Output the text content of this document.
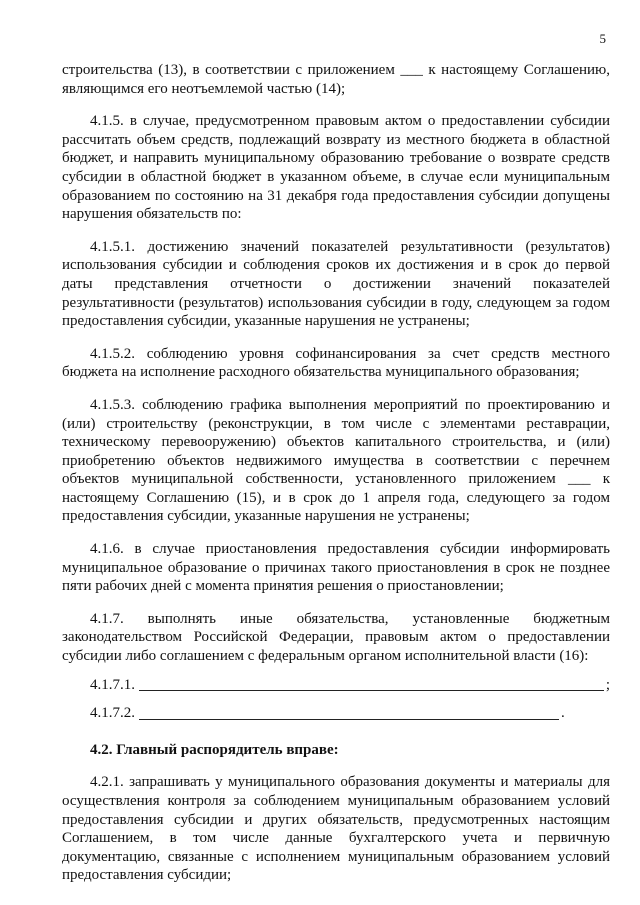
5

строительства (13), в соответствии с приложением ___ к настоящему Соглашению, являющимся его неотъемлемой частью (14);

4.1.5. в случае, предусмотренном правовым актом о предоставлении субсидии рассчитать объем средств, подлежащий возврату из местного бюджета в областной бюджет, и направить муниципальному образованию требование о возврате средств субсидии в областной бюджет в указанном объеме, в случае если муниципальным образованием по состоянию на 31 декабря года предоставления субсидии допущены нарушения обязательств по:

4.1.5.1. достижению значений показателей результативности (результатов) использования субсидии и соблюдения сроков их достижения и в срок до первой даты представления отчетности о достижении значений показателей результативности (результатов) использования субсидии в году, следующем за годом предоставления субсидии, указанные нарушения не устранены;

4.1.5.2. соблюдению уровня софинансирования за счет средств местного бюджета на исполнение расходного обязательства муниципального образования;

4.1.5.3. соблюдению графика выполнения мероприятий по проектированию и (или) строительству (реконструкции, в том числе с элементами реставрации, техническому перевооружению) объектов капитального строительства, и (или) приобретению объектов недвижимого имущества в соответствии с перечнем объектов муниципальной собственности, установленного приложением ___ к настоящему Соглашению (15), и в срок до 1 апреля года, следующего за годом предоставления субсидии, указанные нарушения не устранены;

4.1.6. в случае приостановления предоставления субсидии информировать муниципальное образование о причинах такого приостановления в срок не позднее пяти рабочих дней с момента принятия решения о приостановлении;

4.1.7. выполнять иные обязательства, установленные бюджетным законодательством Российской Федерации, правовым актом о предоставлении субсидии либо соглашением с федеральным органом исполнительной власти (16):

4.1.7.1.	;
4.1.7.2.	.
4.2. Главный распорядитель вправе:

4.2.1. запрашивать у муниципального образования документы и материалы для осуществления контроля за соблюдением муниципальным образованием условий предоставления субсидии и других обязательств, предусмотренных настоящим Соглашением, в том числе данные бухгалтерского учета и первичную документацию, связанные с исполнением муниципальным образованием условий предоставления субсидии;
